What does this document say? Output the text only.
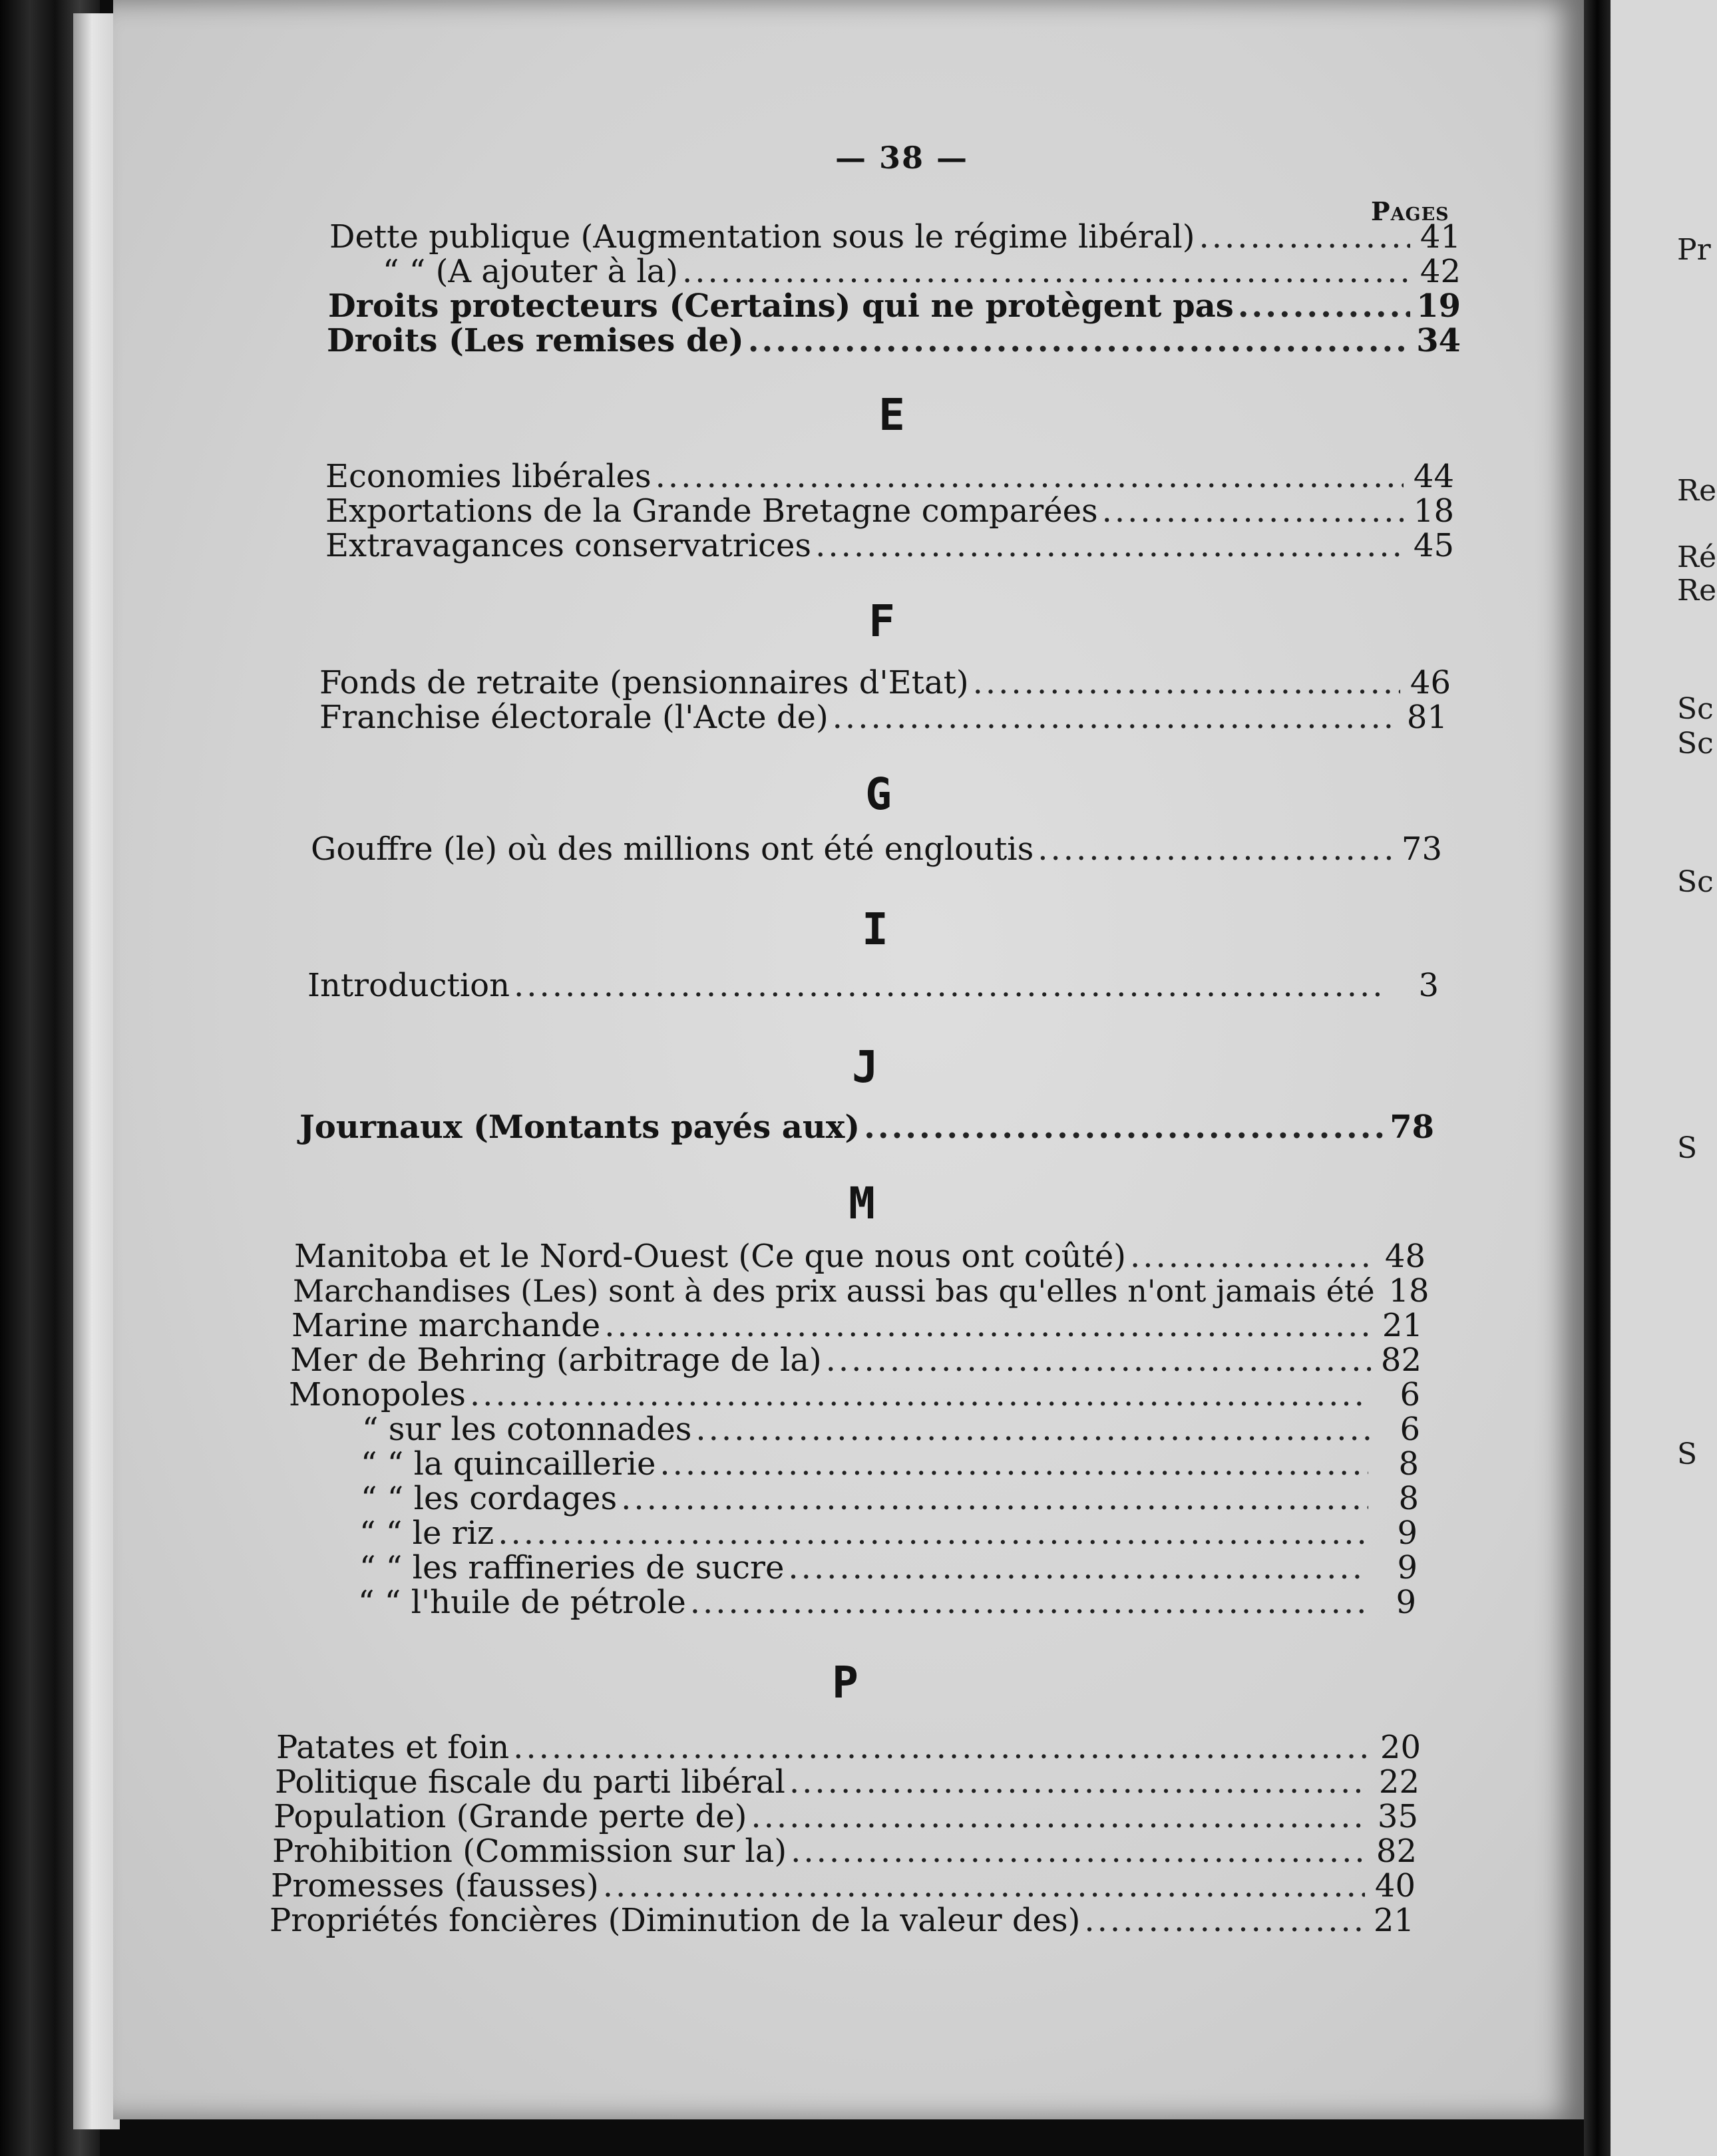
Pr
Re
Ré
Re
Sc
Sc
Sc
S
S
— 38 —
Pages
Dette publique (Augmentation sous le régime libéral) .....	41
“ “ (A ajouter à la) .....	42
Droits protecteurs (Certains) qui ne protègent pas .....	19
Droits (Les remises de) .....	34
E
Economies libérales .....	44
Exportations de la Grande Bretagne comparées .....	18
Extravagances conservatrices .....	45
F
Fonds de retraite (pensionnaires d'Etat) .....	46
Franchise électorale (l'Acte de) .....	81
G
Gouffre (le) où des millions ont été engloutis .....	73
I
Introduction .....	3
J
Journaux (Montants payés aux) .....	78
M
Manitoba et le Nord-Ouest (Ce que nous ont coûté) .....	48
Marchandises (Les) sont à des prix aussi bas qu'elles n'ont jamais été 18
Marine marchande .....	21
Mer de Behring (arbitrage de la) .....	82
Monopoles .....	6
“ sur les cotonnades .....	6
“ “ la quincaillerie .....	8
“ “ les cordages .....	8
“ “ le riz .....	9
“ “ les raffineries de sucre .....	9
“ “ l'huile de pétrole .....	9
P
Patates et foin .....	20
Politique fiscale du parti libéral .....	22
Population (Grande perte de) .....	35
Prohibition (Commission sur la) .....	82
Promesses (fausses) .....	40
Propriétés foncières (Diminution de la valeur des) .....	21
